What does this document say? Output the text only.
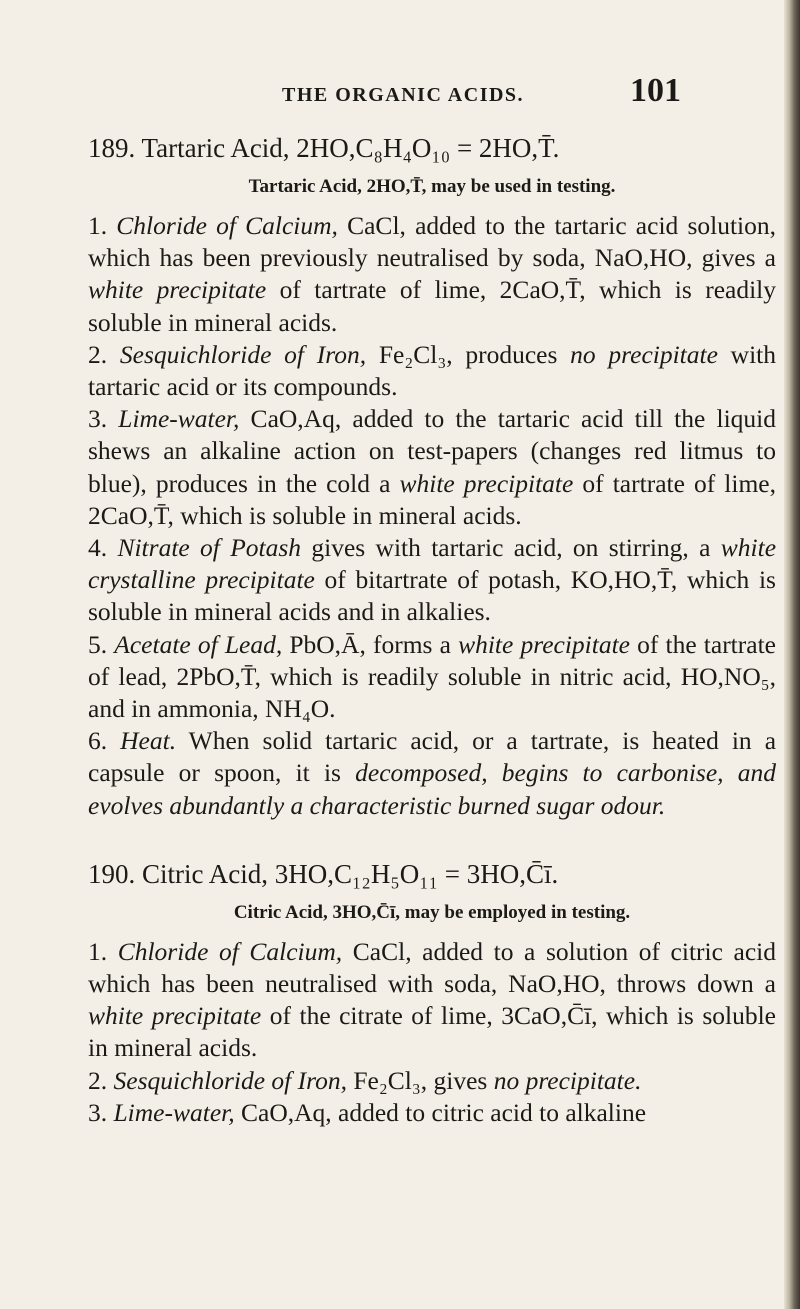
THE ORGANIC ACIDS.	101

189. Tartaric Acid, 2HO,C₈H₄O₁₀ = 2HO,T̄.

Tartaric Acid, 2HO,T̄, may be used in testing.

1. Chloride of Calcium, CaCl, added to the tartaric acid solution, which has been previously neutralised by soda, NaO,HO, gives a white precipitate of tartrate of lime, 2CaO,T̄, which is readily soluble in mineral acids.

2. Sesquichloride of Iron, Fe₂Cl₃, produces no precipitate with tartaric acid or its compounds.

3. Lime-water, CaO,Aq, added to the tartaric acid till the liquid shews an alkaline action on test-papers (changes red litmus to blue), produces in the cold a white precipitate of tartrate of lime, 2CaO,T̄, which is soluble in mineral acids.

4. Nitrate of Potash gives with tartaric acid, on stirring, a white crystalline precipitate of bitartrate of potash, KO,HO,T̄, which is soluble in mineral acids and in alkalies.

5. Acetate of Lead, PbO,Ā, forms a white precipitate of the tartrate of lead, 2PbO,T̄, which is readily soluble in nitric acid, HO,NO₅, and in ammonia, NH₄O.

6. Heat. When solid tartaric acid, or a tartrate, is heated in a capsule or spoon, it is decomposed, begins to carbonise, and evolves abundantly a characteristic burned sugar odour.

190. Citric Acid, 3HO,C₁₂H₅O₁₁ = 3HO,C̄ī.

Citric Acid, 3HO,C̄ī, may be employed in testing.

1. Chloride of Calcium, CaCl, added to a solution of citric acid which has been neutralised with soda, NaO,HO, throws down a white precipitate of the citrate of lime, 3CaO,C̄ī, which is soluble in mineral acids.

2. Sesquichloride of Iron, Fe₂Cl₃, gives no precipitate.

3. Lime-water, CaO,Aq, added to citric acid to alkaline
